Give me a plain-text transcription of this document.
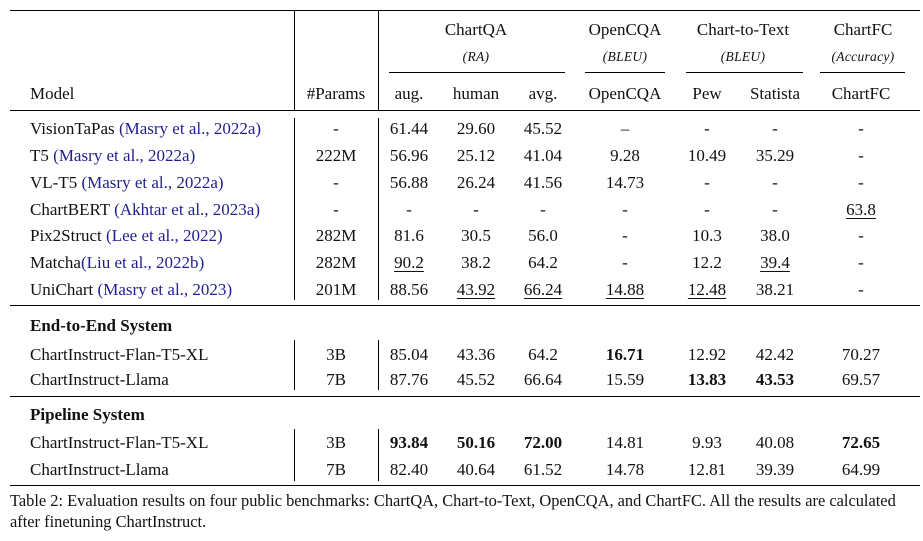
ChartQA
(RA)
OpenCQA
(BLEU)
Chart-to-Text
(BLEU)
ChartFC
(Accuracy)
Model	#Params aug. human avg. OpenCQA Pew Statista ChartFC
VisionTaPas (Masry et al., 2022a)	-	61.44 29.60 45.52	–	-	-	-
T5 (Masry et al., 2022a)	222M 56.96 25.12 41.04	9.28	10.49 35.29	-
VL-T5 (Masry et al., 2022a)	-	56.88 26.24 41.56	14.73	-	-	-
ChartBERT (Akhtar et al., 2023a)	-	-	-	-	-	-	-	63.8
Pix2Struct (Lee et al., 2022)	282M 81.6 30.5 56.0	-	10.3 38.0	-
Matcha(Liu et al., 2022b)	282M 90.2 38.2 64.2	-	12.2 39.4	-
UniChart (Masry et al., 2023)	201M 88.56 43.92 66.24	14.88	12.48 38.21	-
End-to-End System
ChartInstruct-Flan-T5-XL	3B	85.04 43.36 64.2	16.71	12.92 42.42	70.27
ChartInstruct-Llama	7B	87.76 45.52 66.64	15.59	13.83 43.53	69.57
Pipeline System
ChartInstruct-Flan-T5-XL	3B	93.84 50.16 72.00	14.81	9.93 40.08	72.65
ChartInstruct-Llama	7B	82.40 40.64 61.52	14.78	12.81 39.39	64.99
Table 2: Evaluation results on four public benchmarks: ChartQA, Chart-to-Text, OpenCQA, and ChartFC. All the results are calculated after finetuning ChartInstruct.
